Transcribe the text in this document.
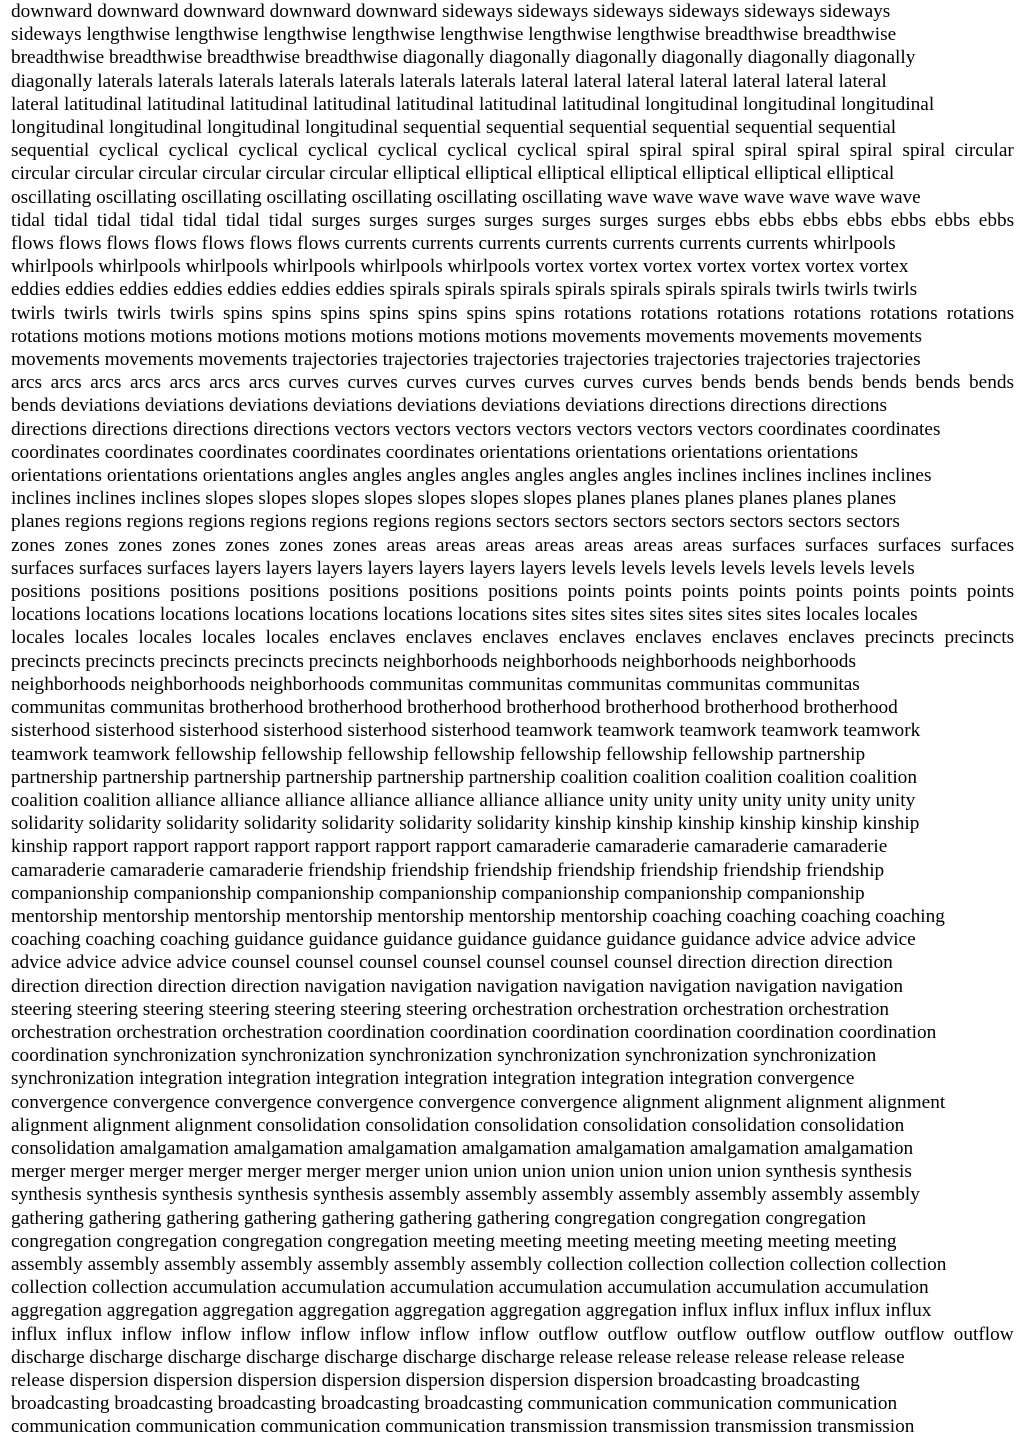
downward downward downward downward downward sideways sideways sideways sideways sideways sideways
sideways lengthwise lengthwise lengthwise lengthwise lengthwise lengthwise lengthwise breadthwise breadthwise
breadthwise breadthwise breadthwise breadthwise diagonally diagonally diagonally diagonally diagonally diagonally
diagonally laterals laterals laterals laterals laterals laterals laterals lateral lateral lateral lateral lateral lateral lateral
lateral latitudinal latitudinal latitudinal latitudinal latitudinal latitudinal latitudinal longitudinal longitudinal longitudinal
longitudinal longitudinal longitudinal longitudinal sequential sequential sequential sequential sequential sequential
sequential cyclical cyclical cyclical cyclical cyclical cyclical cyclical spiral spiral spiral spiral spiral spiral spiral circular
circular circular circular circular circular circular elliptical elliptical elliptical elliptical elliptical elliptical elliptical
oscillating oscillating oscillating oscillating oscillating oscillating oscillating wave wave wave wave wave wave wave
tidal tidal tidal tidal tidal tidal tidal surges surges surges surges surges surges surges ebbs ebbs ebbs ebbs ebbs ebbs ebbs
flows flows flows flows flows flows flows currents currents currents currents currents currents currents whirlpools
whirlpools whirlpools whirlpools whirlpools whirlpools whirlpools vortex vortex vortex vortex vortex vortex vortex
eddies eddies eddies eddies eddies eddies eddies spirals spirals spirals spirals spirals spirals spirals twirls twirls twirls
twirls twirls twirls twirls spins spins spins spins spins spins spins rotations rotations rotations rotations rotations rotations
rotations motions motions motions motions motions motions motions movements movements movements movements
movements movements movements trajectories trajectories trajectories trajectories trajectories trajectories trajectories
arcs arcs arcs arcs arcs arcs arcs curves curves curves curves curves curves curves bends bends bends bends bends bends
bends deviations deviations deviations deviations deviations deviations deviations directions directions directions
directions directions directions directions vectors vectors vectors vectors vectors vectors vectors coordinates coordinates
coordinates coordinates coordinates coordinates coordinates orientations orientations orientations orientations
orientations orientations orientations angles angles angles angles angles angles angles inclines inclines inclines inclines
inclines inclines inclines slopes slopes slopes slopes slopes slopes slopes planes planes planes planes planes planes
planes regions regions regions regions regions regions regions sectors sectors sectors sectors sectors sectors sectors
zones zones zones zones zones zones zones areas areas areas areas areas areas areas surfaces surfaces surfaces surfaces
surfaces surfaces surfaces layers layers layers layers layers layers layers levels levels levels levels levels levels levels
positions positions positions positions positions positions positions points points points points points points points points
locations locations locations locations locations locations locations sites sites sites sites sites sites sites locales locales
locales locales locales locales locales enclaves enclaves enclaves enclaves enclaves enclaves enclaves precincts precincts
precincts precincts precincts precincts precincts neighborhoods neighborhoods neighborhoods neighborhoods
neighborhoods neighborhoods neighborhoods communitas communitas communitas communitas communitas
communitas communitas brotherhood brotherhood brotherhood brotherhood brotherhood brotherhood brotherhood
sisterhood sisterhood sisterhood sisterhood sisterhood sisterhood teamwork teamwork teamwork teamwork teamwork
teamwork teamwork fellowship fellowship fellowship fellowship fellowship fellowship fellowship partnership
partnership partnership partnership partnership partnership partnership coalition coalition coalition coalition coalition
coalition coalition alliance alliance alliance alliance alliance alliance alliance unity unity unity unity unity unity unity
solidarity solidarity solidarity solidarity solidarity solidarity solidarity kinship kinship kinship kinship kinship kinship
kinship rapport rapport rapport rapport rapport rapport rapport camaraderie camaraderie camaraderie camaraderie
camaraderie camaraderie camaraderie friendship friendship friendship friendship friendship friendship friendship
companionship companionship companionship companionship companionship companionship companionship
mentorship mentorship mentorship mentorship mentorship mentorship mentorship coaching coaching coaching coaching
coaching coaching coaching guidance guidance guidance guidance guidance guidance guidance advice advice advice
advice advice advice advice counsel counsel counsel counsel counsel counsel counsel direction direction direction
direction direction direction direction navigation navigation navigation navigation navigation navigation navigation
steering steering steering steering steering steering steering orchestration orchestration orchestration orchestration
orchestration orchestration orchestration coordination coordination coordination coordination coordination coordination
coordination synchronization synchronization synchronization synchronization synchronization synchronization
synchronization integration integration integration integration integration integration integration convergence
convergence convergence convergence convergence convergence convergence alignment alignment alignment alignment
alignment alignment alignment consolidation consolidation consolidation consolidation consolidation consolidation
consolidation amalgamation amalgamation amalgamation amalgamation amalgamation amalgamation amalgamation
merger merger merger merger merger merger merger union union union union union union union synthesis synthesis
synthesis synthesis synthesis synthesis synthesis assembly assembly assembly assembly assembly assembly assembly
gathering gathering gathering gathering gathering gathering gathering congregation congregation congregation
congregation congregation congregation congregation meeting meeting meeting meeting meeting meeting meeting
assembly assembly assembly assembly assembly assembly assembly collection collection collection collection collection
collection collection accumulation accumulation accumulation accumulation accumulation accumulation accumulation
aggregation aggregation aggregation aggregation aggregation aggregation aggregation influx influx influx influx influx
influx influx inflow inflow inflow inflow inflow inflow inflow outflow outflow outflow outflow outflow outflow outflow
discharge discharge discharge discharge discharge discharge discharge release release release release release release
release dispersion dispersion dispersion dispersion dispersion dispersion dispersion broadcasting broadcasting
broadcasting broadcasting broadcasting broadcasting broadcasting communication communication communication
communication communication communication communication transmission transmission transmission transmission
